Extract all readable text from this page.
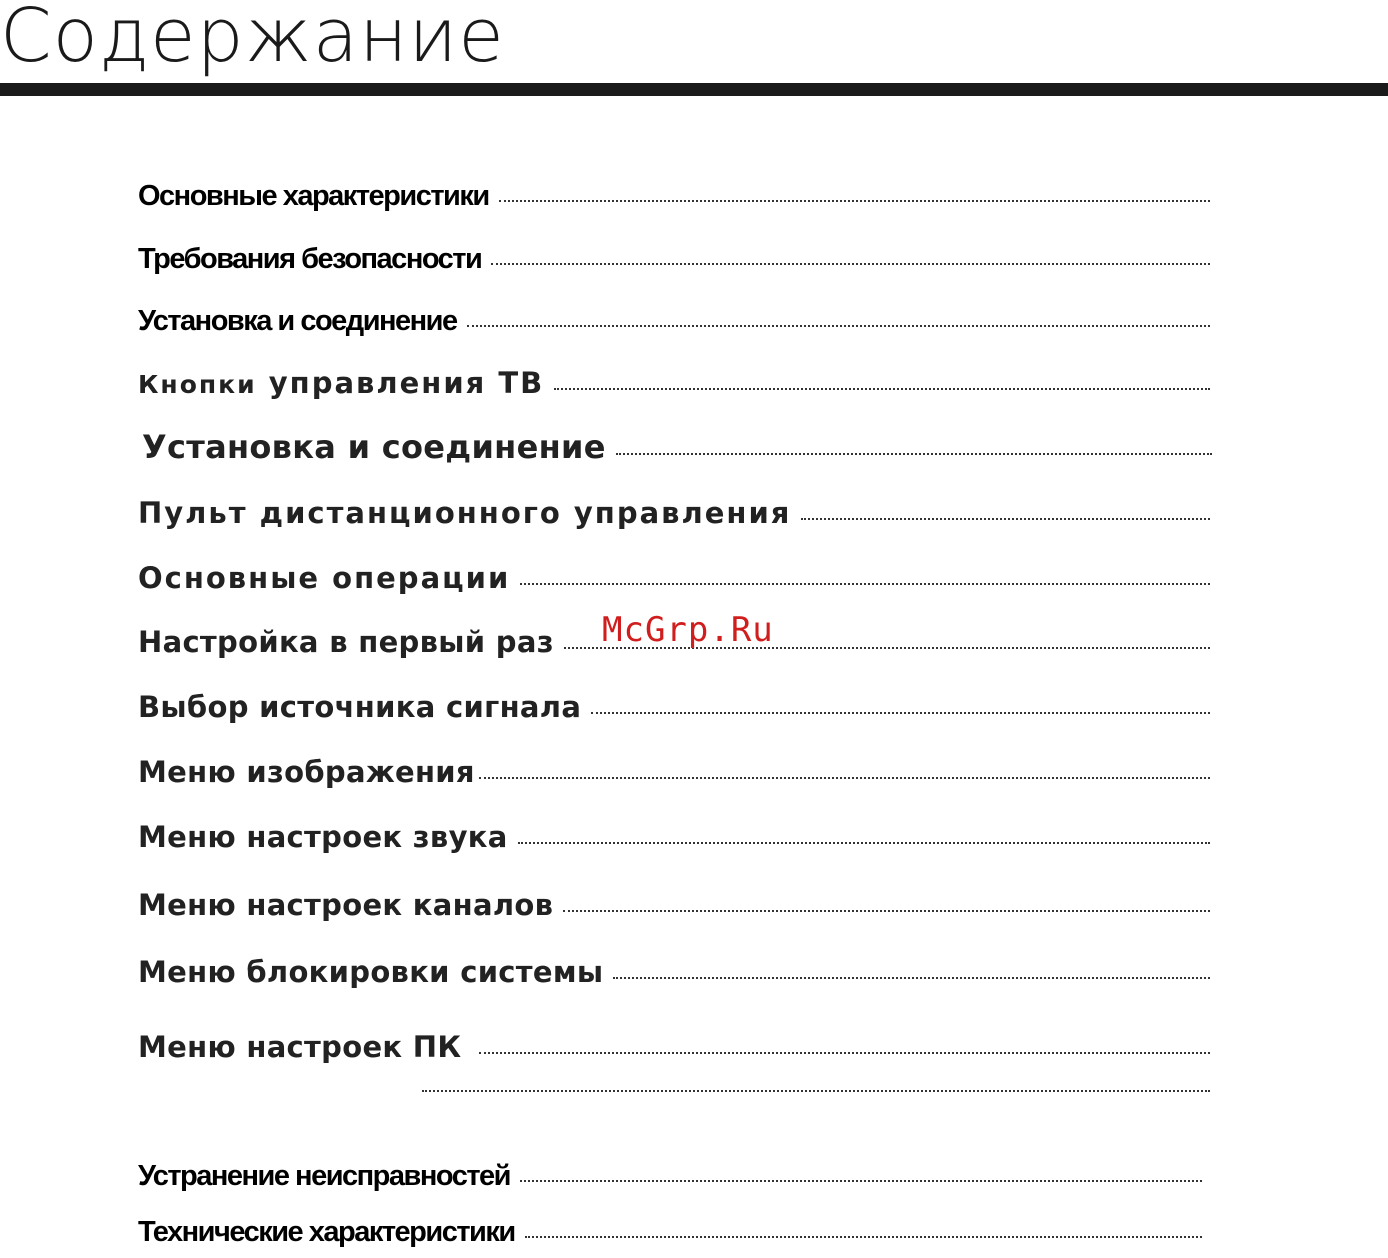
Содержание
Основные характеристики
Требования безопасности
Установка и соединение
Кнопки управления ТВ
Установка и соединение
Пульт дистанционного управления
Основные операции
Настройка в первый раз
Выбор источника сигнала
Меню изображения
Меню настроек звука
Меню настроек каналов
Меню блокировки системы
Меню настроек ПК
Устранение неисправностей
Технические характеристики
McGrp.Ru
